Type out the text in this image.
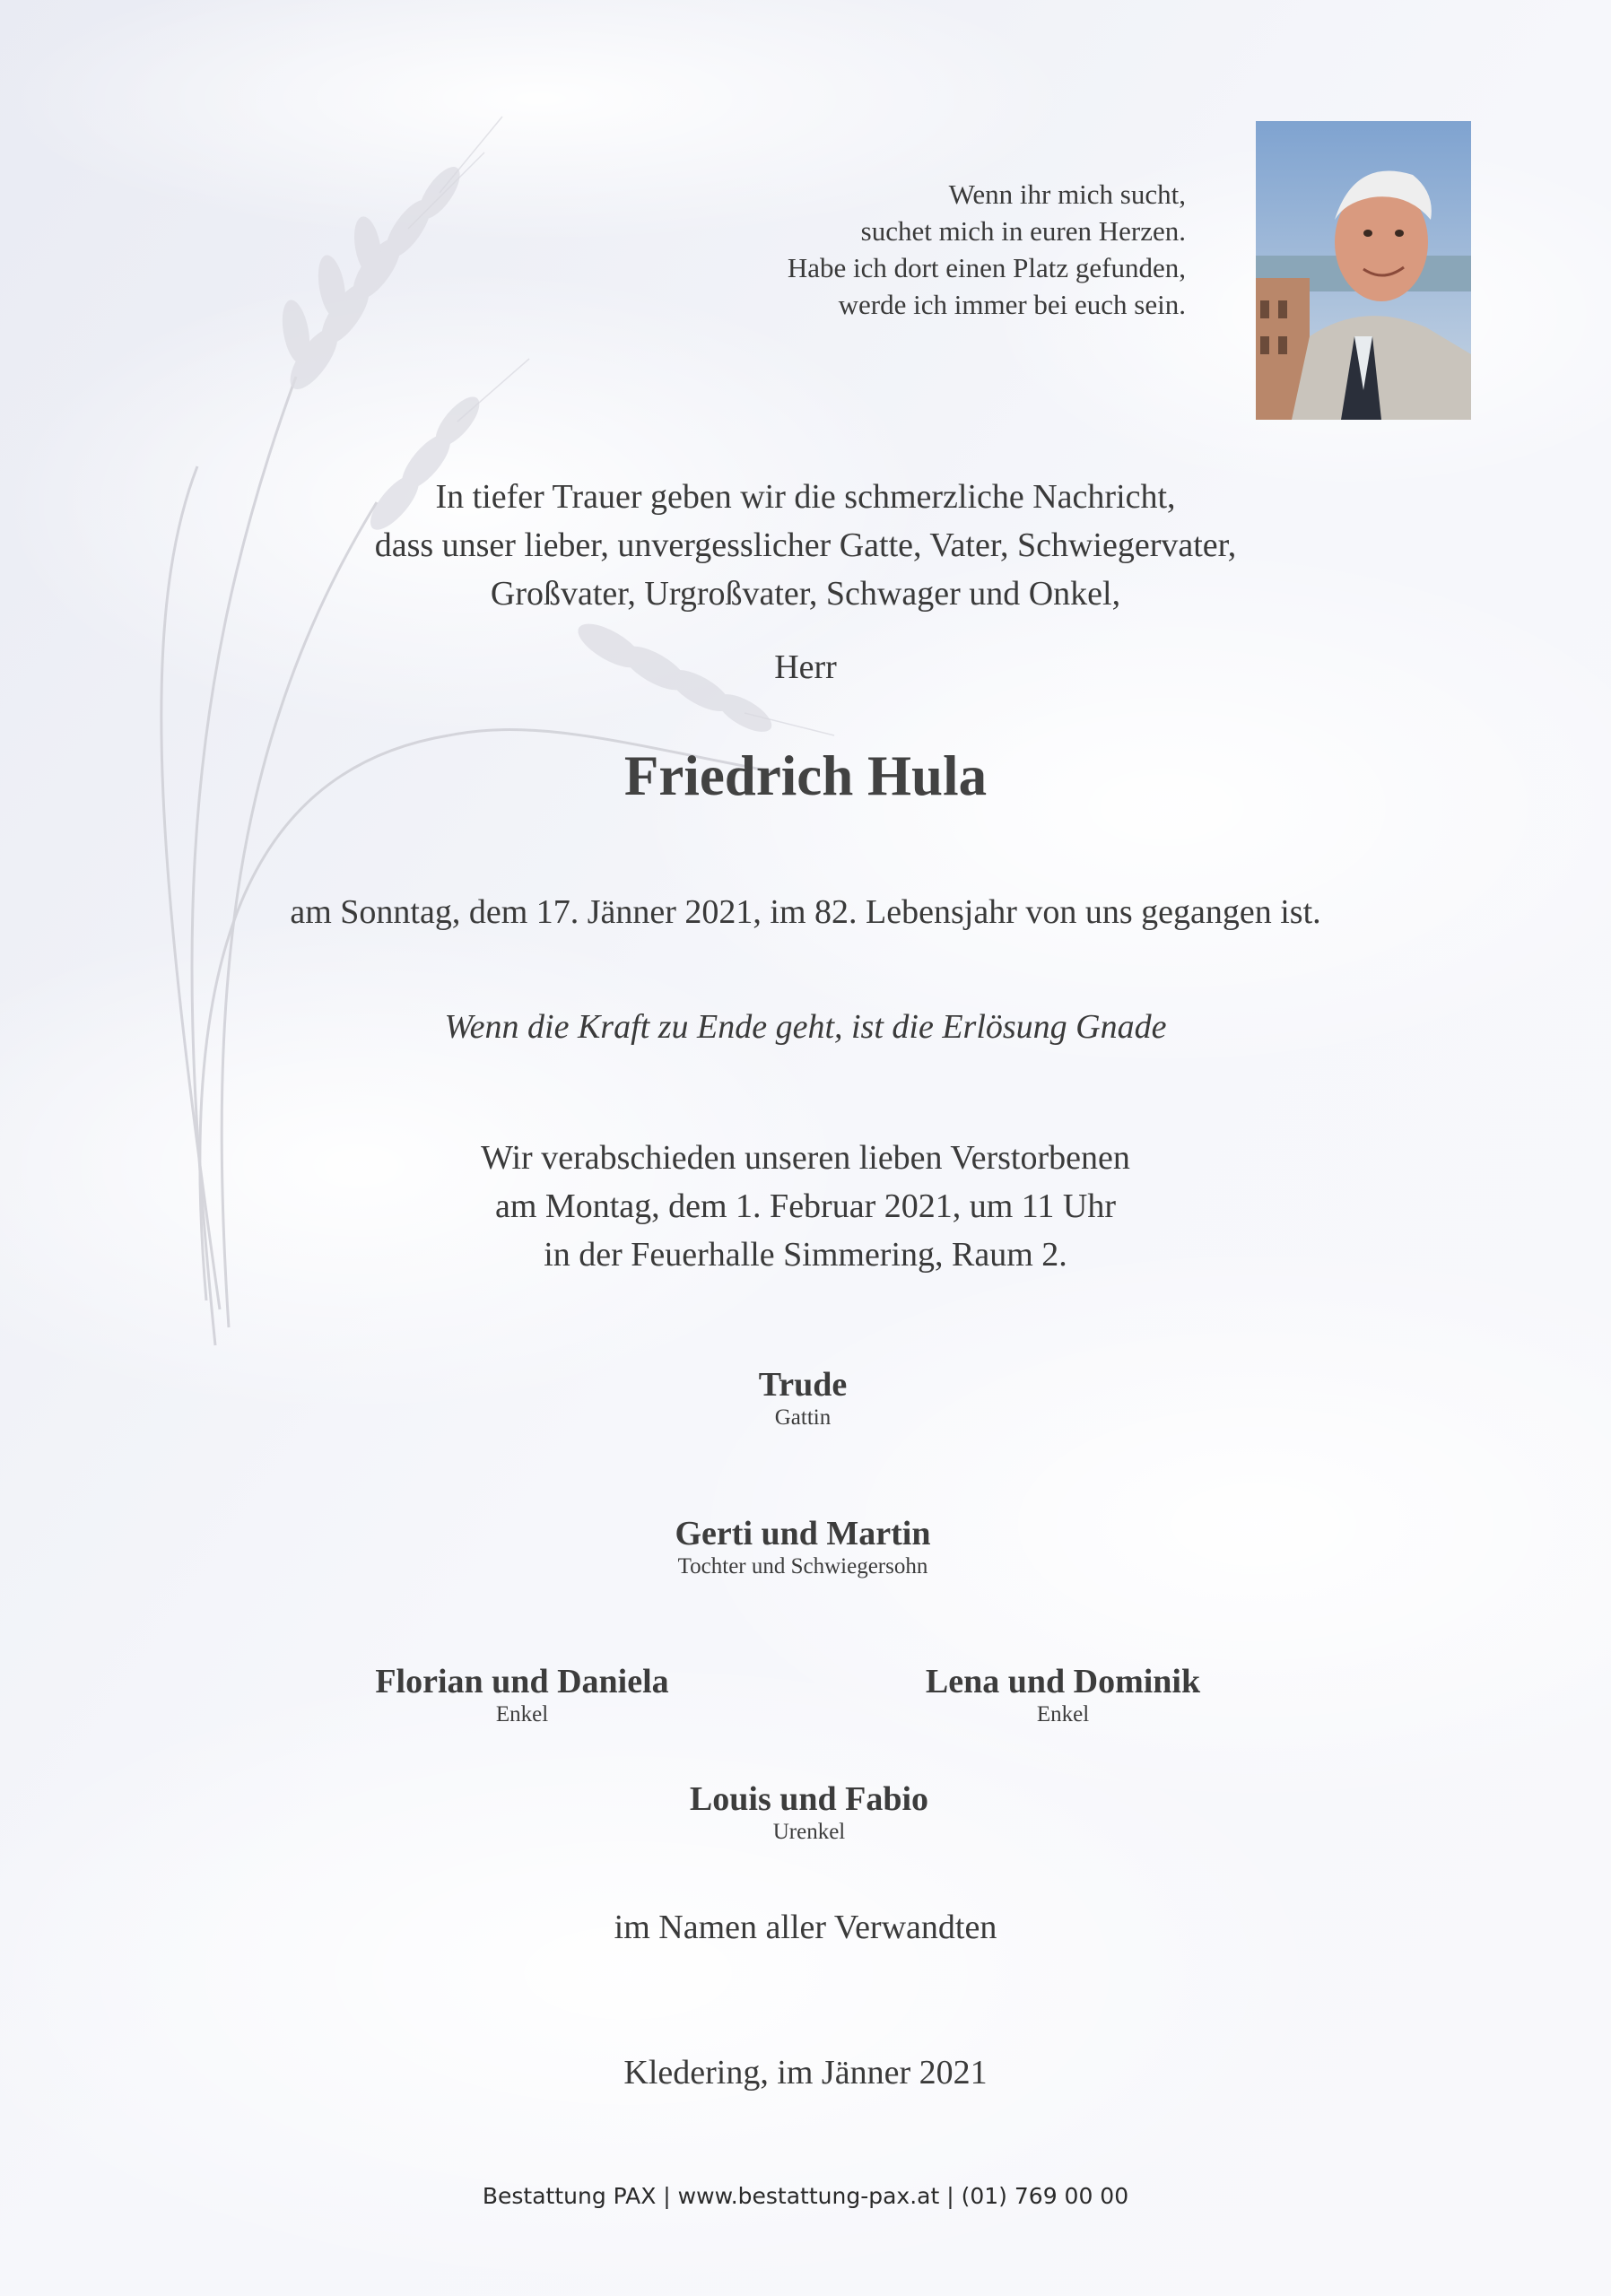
Wenn ihr mich sucht,
suchet mich in euren Herzen.
Habe ich dort einen Platz gefunden,
werde ich immer bei euch sein.
In tiefer Trauer geben wir die schmerzliche Nachricht,
dass unser lieber, unvergesslicher Gatte, Vater, Schwiegervater,
Großvater, Urgroßvater, Schwager und Onkel,
Herr
Friedrich Hula
am Sonntag, dem 17. Jänner 2021, im 82. Lebensjahr von uns gegangen ist.
Wenn die Kraft zu Ende geht, ist die Erlösung Gnade
Wir verabschieden unseren lieben Verstorbenen
am Montag, dem 1. Februar 2021, um 11 Uhr
in der Feuerhalle Simmering, Raum 2.
Trude
Gattin
Gerti und Martin
Tochter und Schwiegersohn
Florian und Daniela
Enkel
Lena und Dominik
Enkel
Louis und Fabio
Urenkel
im Namen aller Verwandten
Kledering, im Jänner 2021
Bestattung PAX | www.bestattung-pax.at | (01) 769 00 00
